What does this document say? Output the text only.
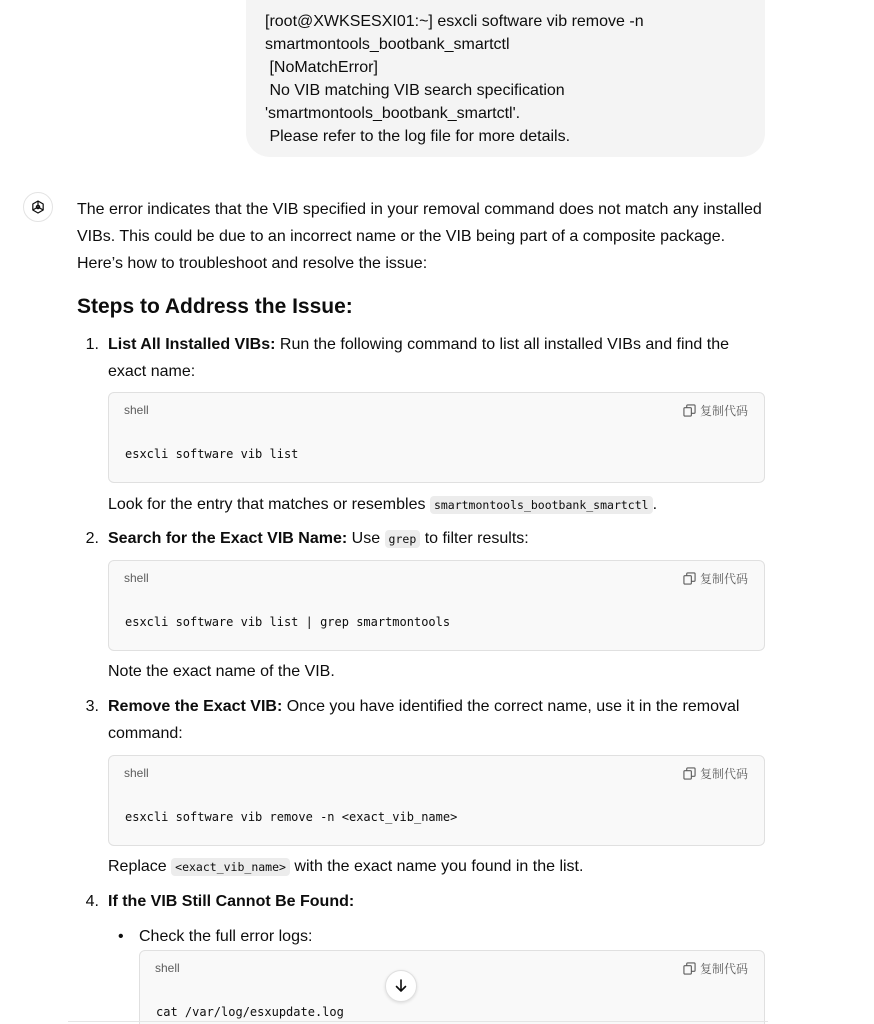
[root@XWKSESXI01:~] esxcli software vib remove -n
smartmontools_bootbank_smartctl
[NoMatchError]
No VIB matching VIB search specification
'smartmontools_bootbank_smartctl'.
Please refer to the log file for more details.

The error indicates that the VIB specified in your removal command does not match any installed VIBs. This could be due to an incorrect name or the VIB being part of a composite package. Here’s how to troubleshoot and resolve the issue:

Steps to Address the Issue:
1. List All Installed VIBs: Run the following command to list all installed VIBs and find the exact name:
shell	复制代码
esxcli software vib list
Look for the entry that matches or resembles smartmontools_bootbank_smartctl .
2. Search for the Exact VIB Name: Use grep to filter results:
shell	复制代码
esxcli software vib list | grep smartmontools
Note the exact name of the VIB.
3. Remove the Exact VIB: Once you have identified the correct name, use it in the removal command:
shell	复制代码
esxcli software vib remove -n <exact_vib_name>
Replace <exact_vib_name> with the exact name you found in the list.
4. If the VIB Still Cannot Be Found:
• Check the full error logs:
shell	复制代码
cat /var/log/esxupdate.log
